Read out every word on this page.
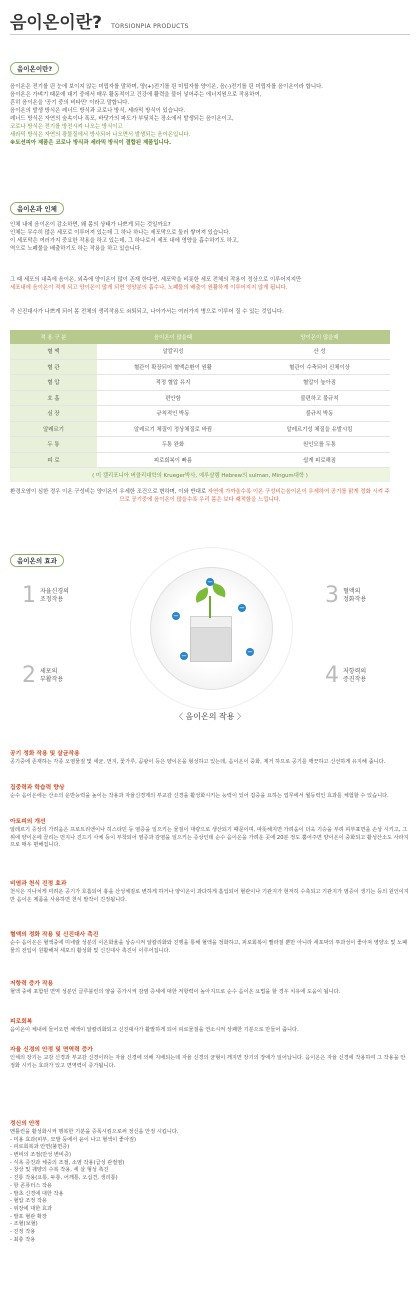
음이온이란? TORSIONPIA PRODUCTS
음이온이란?
음이온은 전기를 띈 눈에 보이지 않는 미립자를 말하며, 양(+)전기를 띈 미립자를 양이온, 음(-)전기를 띈 미립자를 음이온이라 합니다.
음이온은 가벼기 때문에 대기 중에서 매우 활동적이고 건강에 활력을 불어 넣어주는 에너지원으로 작용하여,
흔히 음이온을 '공기 중의 비타민' 이라고 말합니다.
음이온의 발생 방식은 레너드 방식과 코로나 방식, 세라믹 방식이 있습니다.
레너드 방식은 자연의 숲속이나 폭포, 바닷가의 파도가 부딪치는 장소에서 발생되는 음이온이고,
코로나 방식은 전기를 방전시켜 나오는 방식이고
세라믹 방식은 자연의 광물질에서 방사되어 나오면서 발생되는 음이온입니다.
※토션피아 제품은 코로나 방식과 세라믹 방식이 결합된 제품입니다.
음이온과 인체
인체 내에 음이온이 감소하면, 왜 몸의 상태가 나쁘게 되는 것일까요?
인체는 무수히 많은 세포로 이루어져 있는데 그 하나 하나는 세포막으로 둘러 쌓여져 있습니다.
이 세포막은 여러가지 중요한 작용을 하고 있는데, 그 하나로서 세포 내에 영양을 흡수하기도 하고,
역으로 노폐물을 배출하기도 하는 작용을 하고 있습니다.
그 때 세포의 내측에 음이온, 외측에 양이온이 많이 존재 한다면, 세포막을 비롯한 세포 전체의 작용이 정상으로 이루어지지만
세포내에 음이온이 적게 되고 양이온이 많게 되면 영양분의 흡수나, 노폐물의 배출이 원활하게 이루어지지 않게 됩니다.
즉 신진대사가 나쁘게 되어 몸 전체의 생리작용도 쇠퇴되고, 나아가서는 여러가지 병으로 이루어 질 수 있는 것입니다.
적 용 구 분	음이온이 많을때	양이온이 많을때
혈 액	알칼리성	산 성
혈 관	혈관이 확장되어 혈액순환이 원활	혈관이 수축되어 신체이상
혈 압	적정 혈압 유지	혈압이 높아짐
호 흡	편안함	불편하고 불규칙
심 장	규칙적인 박동	불규칙 박동
알레르기	알레르기 체질이 정상체질로 바뀜	알레르기성 체질을 유발시킴
두 통	두통 완화	원인모를 두통
피 로	피로회복이 빠름	쉽게 피로해짐
( 미 캘리포니아 버클리대학의 Krueger박사, 예루살렘 Hebrew의 sulman, Mingum대학 )
환경오염이 심한 경우 이온 구성비는 양이온이 우세한 조건으로 변하며, 이와 반대로 자연에 가까울수록 이온 구성비는음이온이 우세하여 공기를 맑게 정화 시켜 주므로 공기중에 음이온이 많을수록 우리 몸은 보다 쾌적함을 느낍니다.
음이온의 효과
−
−
−	−
−
1 자율신경의
조정작용
2 세포의
부활작용
3 혈액의
정화작용
4 저항력의
증진작용
〈 음이온의 작용 〉
공기 정화 작용 및 살균작용
공기중에 존재하는 각종 오염물질 및 세균, 먼지, 꽃가루, 곰팡이 등은 양이온을 형성하고 있는데, 음이온이 중화, 제거 하므로 공기를 깨끗하고 신선하게 유지해 줍니다.
집중력과 학습력 향상
순수 음이온에는 산소의 운반능력을 높이는 작용과 자율신경계의 부교감 신경을 활성화시키는 능력이 있어 집중을 요하는 업무에서 월등력인 효과를 체험할 수 있습니다.
아토피의 개선
알레르기 증상의 가려움은 프로트리엔이나 히스타민 등 염증을 일으키는 물질이 대량으로 생산되기 때문이며, 따뜻해지면 가려움이 더욱 기승을 부려 피부표면을 손상 시키고, 그 위에 양이온에 끌리는 먼지나 진드기 사체 등이 부착되어 염증과 감염을 일으키는 증상인데 순수 음이온을 가려운 곳에 20분 정도 뿜어주면 양이온이 중화되고 활성산소도 사라지므로 매우 편해집니다.
비염과 천식 진정 효과
천식은 지나치게 미려운 공기가 호흡되어 흉을 산성체질로 변하게 하거나 양이온이 과다하게 흡입되어 혈관이나 기관지가 현저히 수축되고 기관지가 염증이 생기는 등의 원인이지만 음이온 제품을 사용하면 천식 발작이 진정됩니다.
혈액의 정화 작용 및 신진대사 촉진
순수 음이온은 혈액중에 미네랄 성분의 이온화율을 상승시켜 알칼리화와 진행을 통해 혈액을 정화하고, 피로회복이 빨라질 뿐만 아니라 세포막의 투과성이 좋아져 영양소 및 노폐물의 전입이 원활해져 세포의 활성화 및 신진대사 촉진이 이루어집니다.
저항력 증가 작용
혈액 중에 포함된 면역 성분인 글루블린의 양을 증가시켜 감염 증세에 대한 저항력이 높아지므로 순수 음이온 요법을 할 경우 치유에 도움이 됩니다.
피로회복
음이온이 체내에 들어오면 체액이 알칼리화되고 신진대사가 활발하게 되어 피로물질을 연소시켜 상쾌한 기분으로 만들어 줍니다.
자율 신경의 안정 및 면역력 증가
인체의 장기는 교감 신경과 부교감 신경이라는 자율 신경에 의해 지배되는데 자율 신경의 균형이 깨지면 장기의 장애가 일어납니다. 음이온은 자율 신경에 작용하여 그 작용을 안정화 시키는 효과가 있고 면역력이 증가됩니다.
정신의 안정
멘틀린을 활성화시켜 행복한 기분을 증폭시킴으로써 정신을 안정 시킵니다.
- 미용 효과(피부, 모발 등에서 윤이 나고 혈색이 좋아짐)
- 피로회복과 안면(불면증)
- 변비의 조절(만성 변비증)
- 식욕 증진과 체중의 조절, 소염 작용(급성 관절염)
- 창상 및 궤양의 수복 작용, 세 살 형성 촉진
- 진통 작용(요통, 두통, 어깨통, 오십견, 생리통)
- 항 콘퓨터스 작용
- 발초 신경에 대한 작용
- 혈압 조정 작용
- 위장에 대한 효과
- 발포 혈관 확장
- 조혈(보혈)
- 진정 작용
- 최충 작용
